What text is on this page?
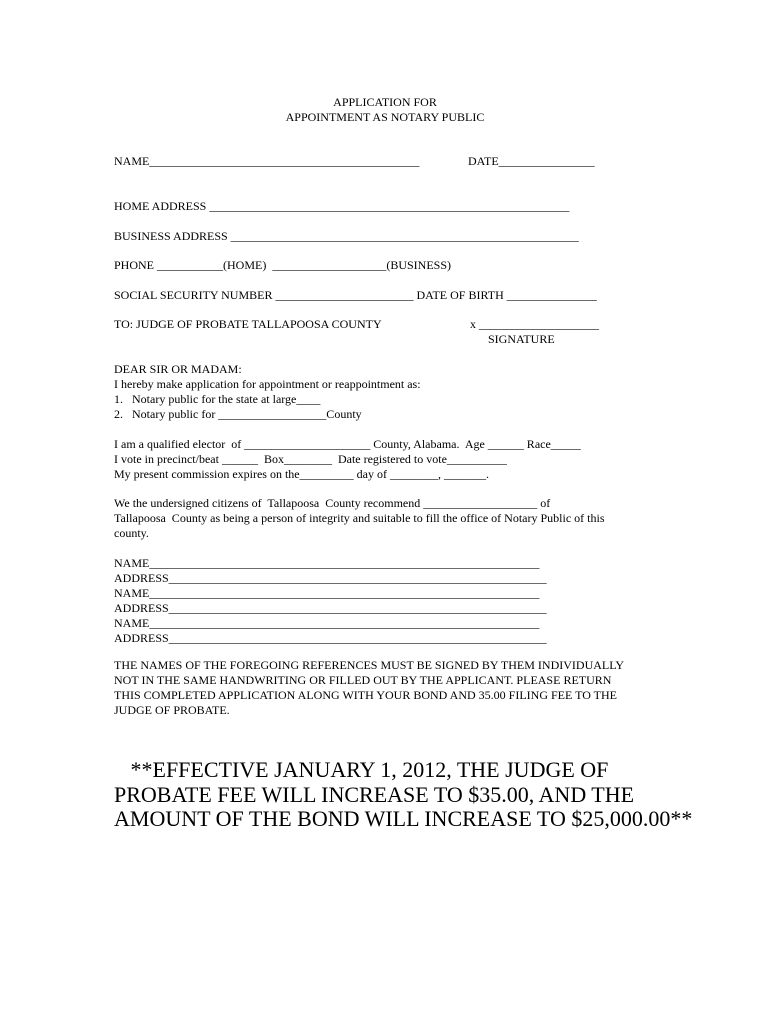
APPLICATION FOR
APPOINTMENT AS NOTARY PUBLIC
NAME_____________________________________________	DATE________________
HOME ADDRESS ____________________________________________________________
BUSINESS ADDRESS __________________________________________________________
PHONE ___________(HOME)  ___________________(BUSINESS)
SOCIAL SECURITY NUMBER _______________________ DATE OF BIRTH _______________
TO: JUDGE OF PROBATE TALLAPOOSA COUNTY	x ____________________
SIGNATURE
DEAR SIR OR MADAM:
I hereby make application for appointment or reappointment as:
1.   Notary public for the state at large____
2.   Notary public for __________________County
I am a qualified elector  of _____________________ County, Alabama.  Age ______ Race_____
I vote in precinct/beat ______  Box________  Date registered to vote__________
My present commission expires on the_________ day of ________, _______.
We the undersigned citizens of  Tallapoosa  County recommend ___________________ of
Tallapoosa  County as being a person of integrity and suitable to fill the office of Notary Public of this
county.
NAME_________________________________________________________________
ADDRESS_______________________________________________________________
NAME_________________________________________________________________
ADDRESS_______________________________________________________________
NAME_________________________________________________________________
ADDRESS_______________________________________________________________
THE NAMES OF THE FOREGOING REFERENCES MUST BE SIGNED BY THEM INDIVIDUALLY
NOT IN THE SAME HANDWRITING OR FILLED OUT BY THE APPLICANT. PLEASE RETURN
THIS COMPLETED APPLICATION ALONG WITH YOUR BOND AND 35.00 FILING FEE TO THE
JUDGE OF PROBATE.
**EFFECTIVE JANUARY 1, 2012, THE JUDGE OF
PROBATE FEE WILL INCREASE TO $35.00, AND THE
AMOUNT OF THE BOND WILL INCREASE TO $25,000.00**
